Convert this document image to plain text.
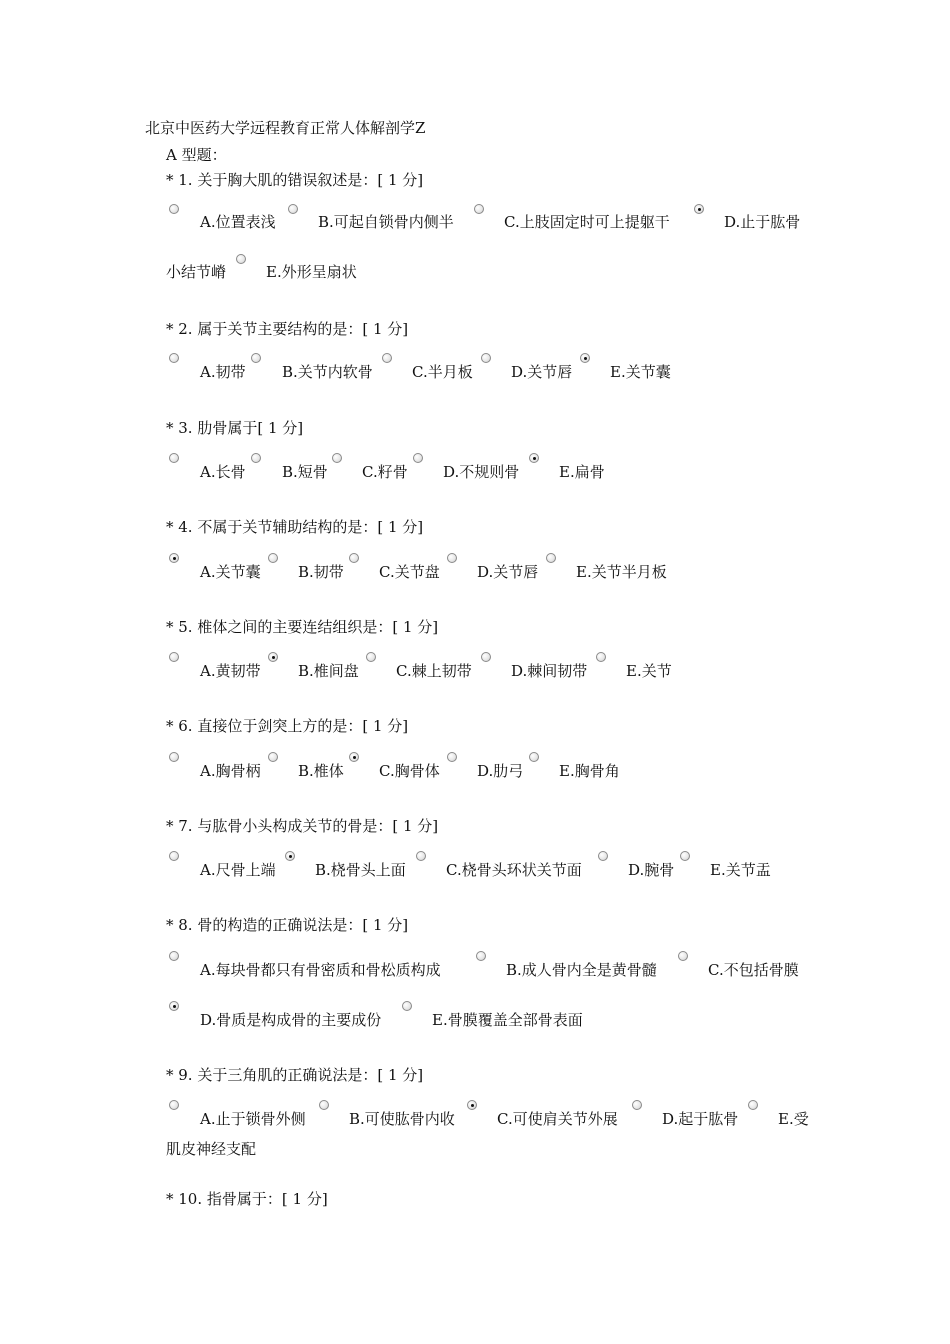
北京中医药大学远程教育正常人体解剖学Z
A 型题：
* 1. 关于胸大肌的错误叙述是：[ 1 分]
A.位置表浅	B.可起自锁骨内侧半	C.上肢固定时可上提躯干	D.止于肱骨
小结节嵴	E.外形呈扇状
* 2. 属于关节主要结构的是：[ 1 分]
A.韧带 B.关节内软骨	C.半月板	D.关节唇	E.关节囊
* 3. 肋骨属于[ 1 分]
A.长骨 B.短骨 C.籽骨 D.不规则骨	E.扁骨
* 4. 不属于关节辅助结构的是：[ 1 分]
A.关节囊 B.韧带 C.关节盘 D.关节唇	E.关节半月板
* 5. 椎体之间的主要连结组织是：[ 1 分]
A.黄韧带 B.椎间盘 C.棘上韧带	D.棘间韧带	E.关节
* 6. 直接位于剑突上方的是：[ 1 分]
A.胸骨柄 B.椎体 C.胸骨体 D.肋弓 E.胸骨角
* 7. 与肱骨小头构成关节的骨是：[ 1 分]
A.尺骨上端	B.桡骨头上面	C.桡骨头环状关节面	D.腕骨 E.关节盂
* 8. 骨的构造的正确说法是：[ 1 分]
A.每块骨都只有骨密质和骨松质构成	B.成人骨内全是黄骨髓	C.不包括骨膜
D.骨质是构成骨的主要成份	E.骨膜覆盖全部骨表面
* 9. 关于三角肌的正确说法是：[ 1 分]
A.止于锁骨外侧	B.可使肱骨内收	C.可使肩关节外展	D.起于肱骨	E.受
肌皮神经支配
* 10. 指骨属于：[ 1 分]
